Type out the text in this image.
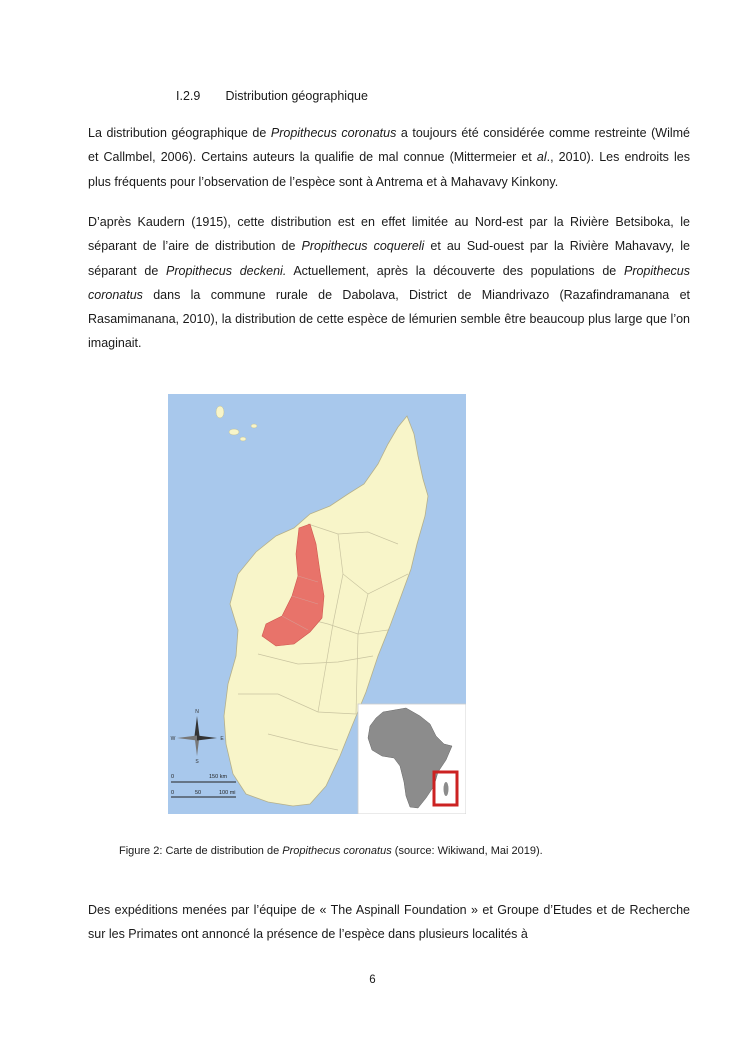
I.2.9 Distribution géographique

La distribution géographique de Propithecus coronatus a toujours été considérée comme restreinte (Wilmé et Callmbel, 2006). Certains auteurs la qualifie de mal connue (Mittermeier et al., 2010). Les endroits les plus fréquents pour l’observation de l’espèce sont à Antrema et à Mahavavy Kinkony.

D’après Kaudern (1915), cette distribution est en effet limitée au Nord-est par la Rivière Betsiboka, le séparant de l’aire de distribution de Propithecus coquereli et au Sud-ouest par la Rivière Mahavavy, le séparant de Propithecus deckeni. Actuellement, après la découverte des populations de Propithecus coronatus dans la commune rurale de Dabolava, District de Miandrivazo (Razafindramanana et Rasamimanana, 2010), la distribution de cette espèce de lémurien semble être beaucoup plus large que l’on imaginait.

N
S
W	E
0	150 km
0	50	100 mi
Figure 2: Carte de distribution de Propithecus coronatus (source: Wikiwand, Mai 2019).

Des expéditions menées par l’équipe de « The Aspinall Foundation » et Groupe d’Etudes et de Recherche sur les Primates ont annoncé la présence de l’espèce dans plusieurs localités à

6
